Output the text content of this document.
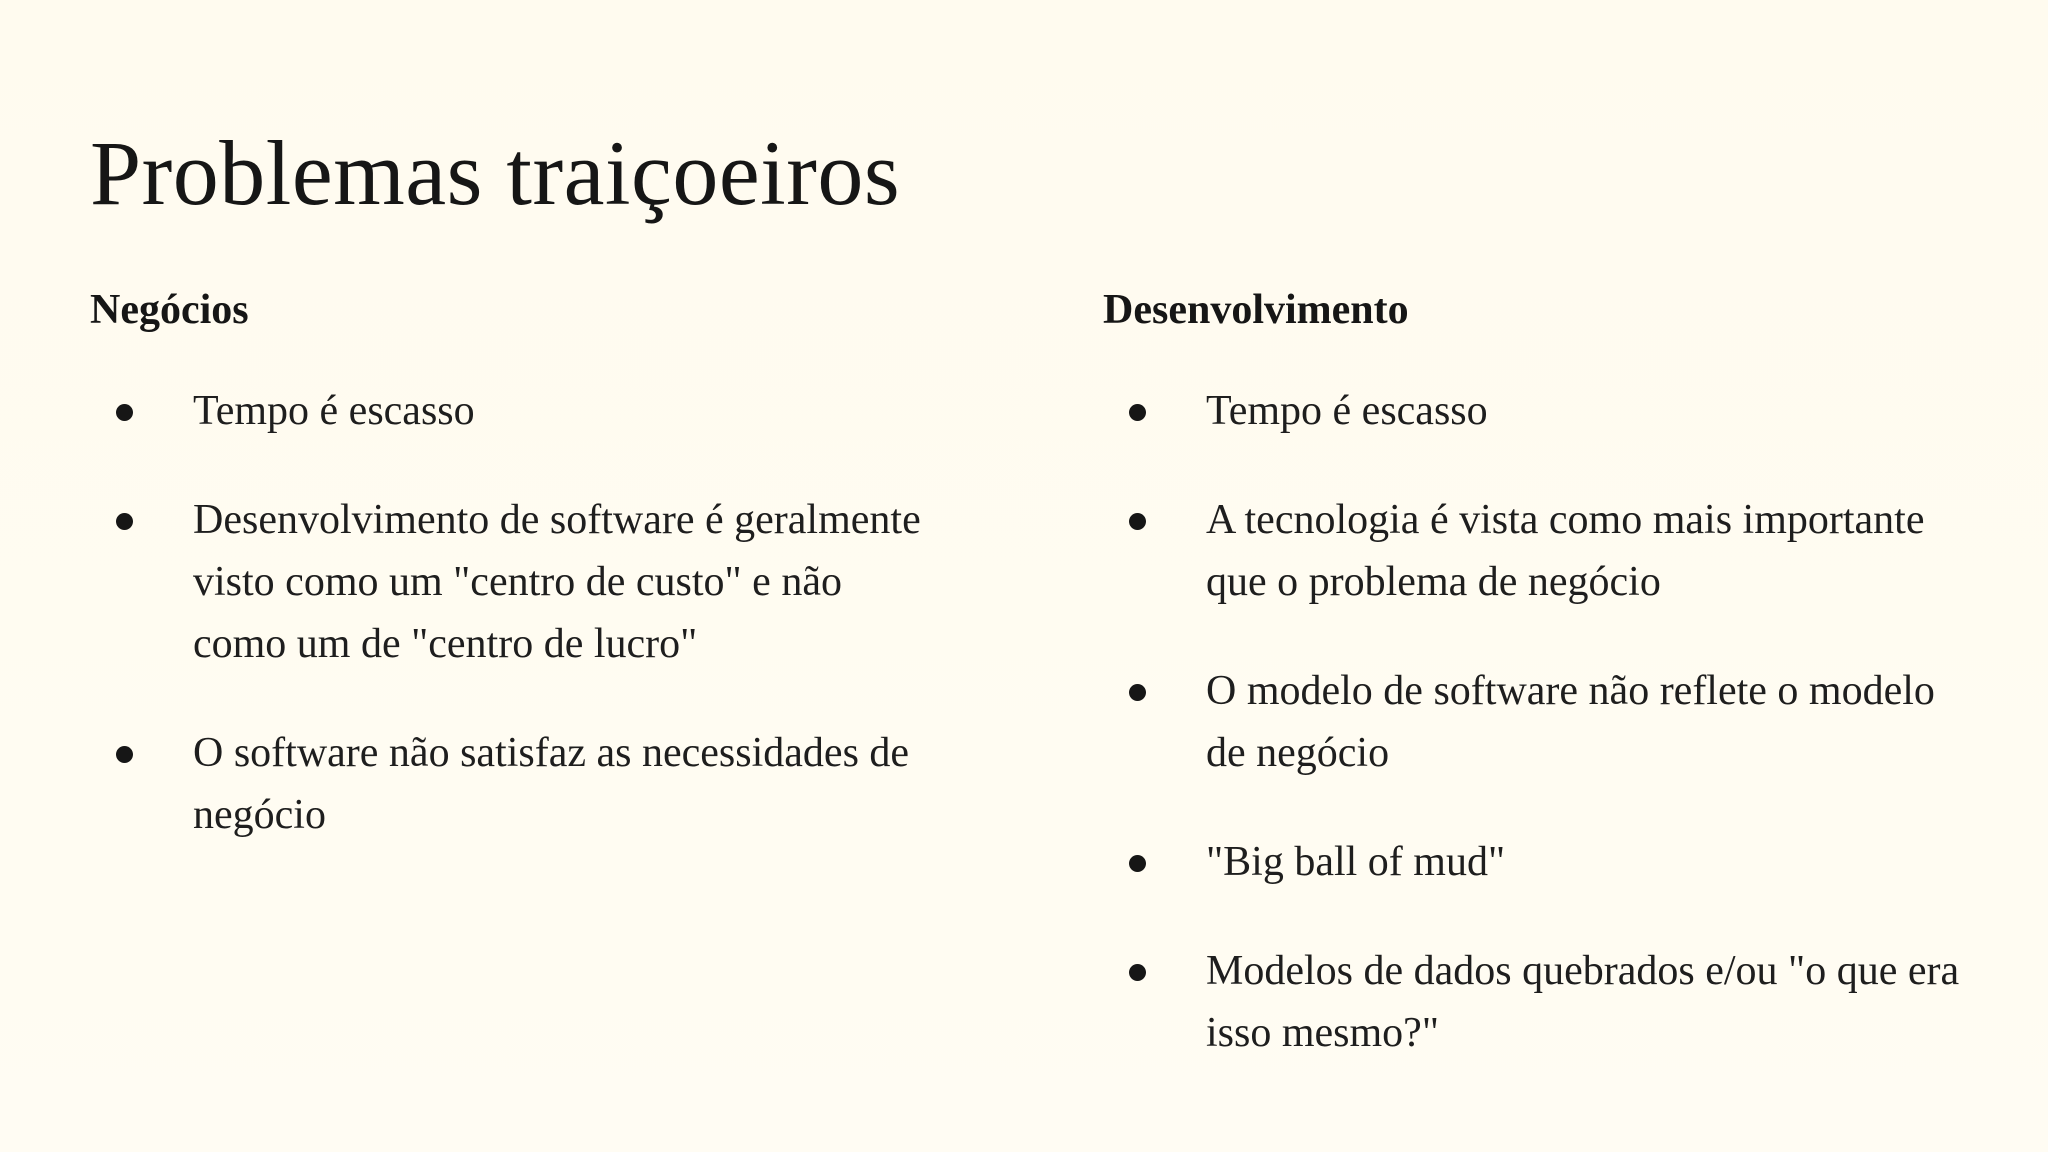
Problemas traiçoeiros
Negócios
Tempo é escasso
Desenvolvimento de software é geralmente visto como um "centro de custo" e não como um de "centro de lucro"
O software não satisfaz as necessidades de negócio
Desenvolvimento
Tempo é escasso
A tecnologia é vista como mais importante que o problema de negócio
O modelo de software não reflete o modelo de negócio
"Big ball of mud"
Modelos de dados quebrados e/ou "o que era isso mesmo?"
